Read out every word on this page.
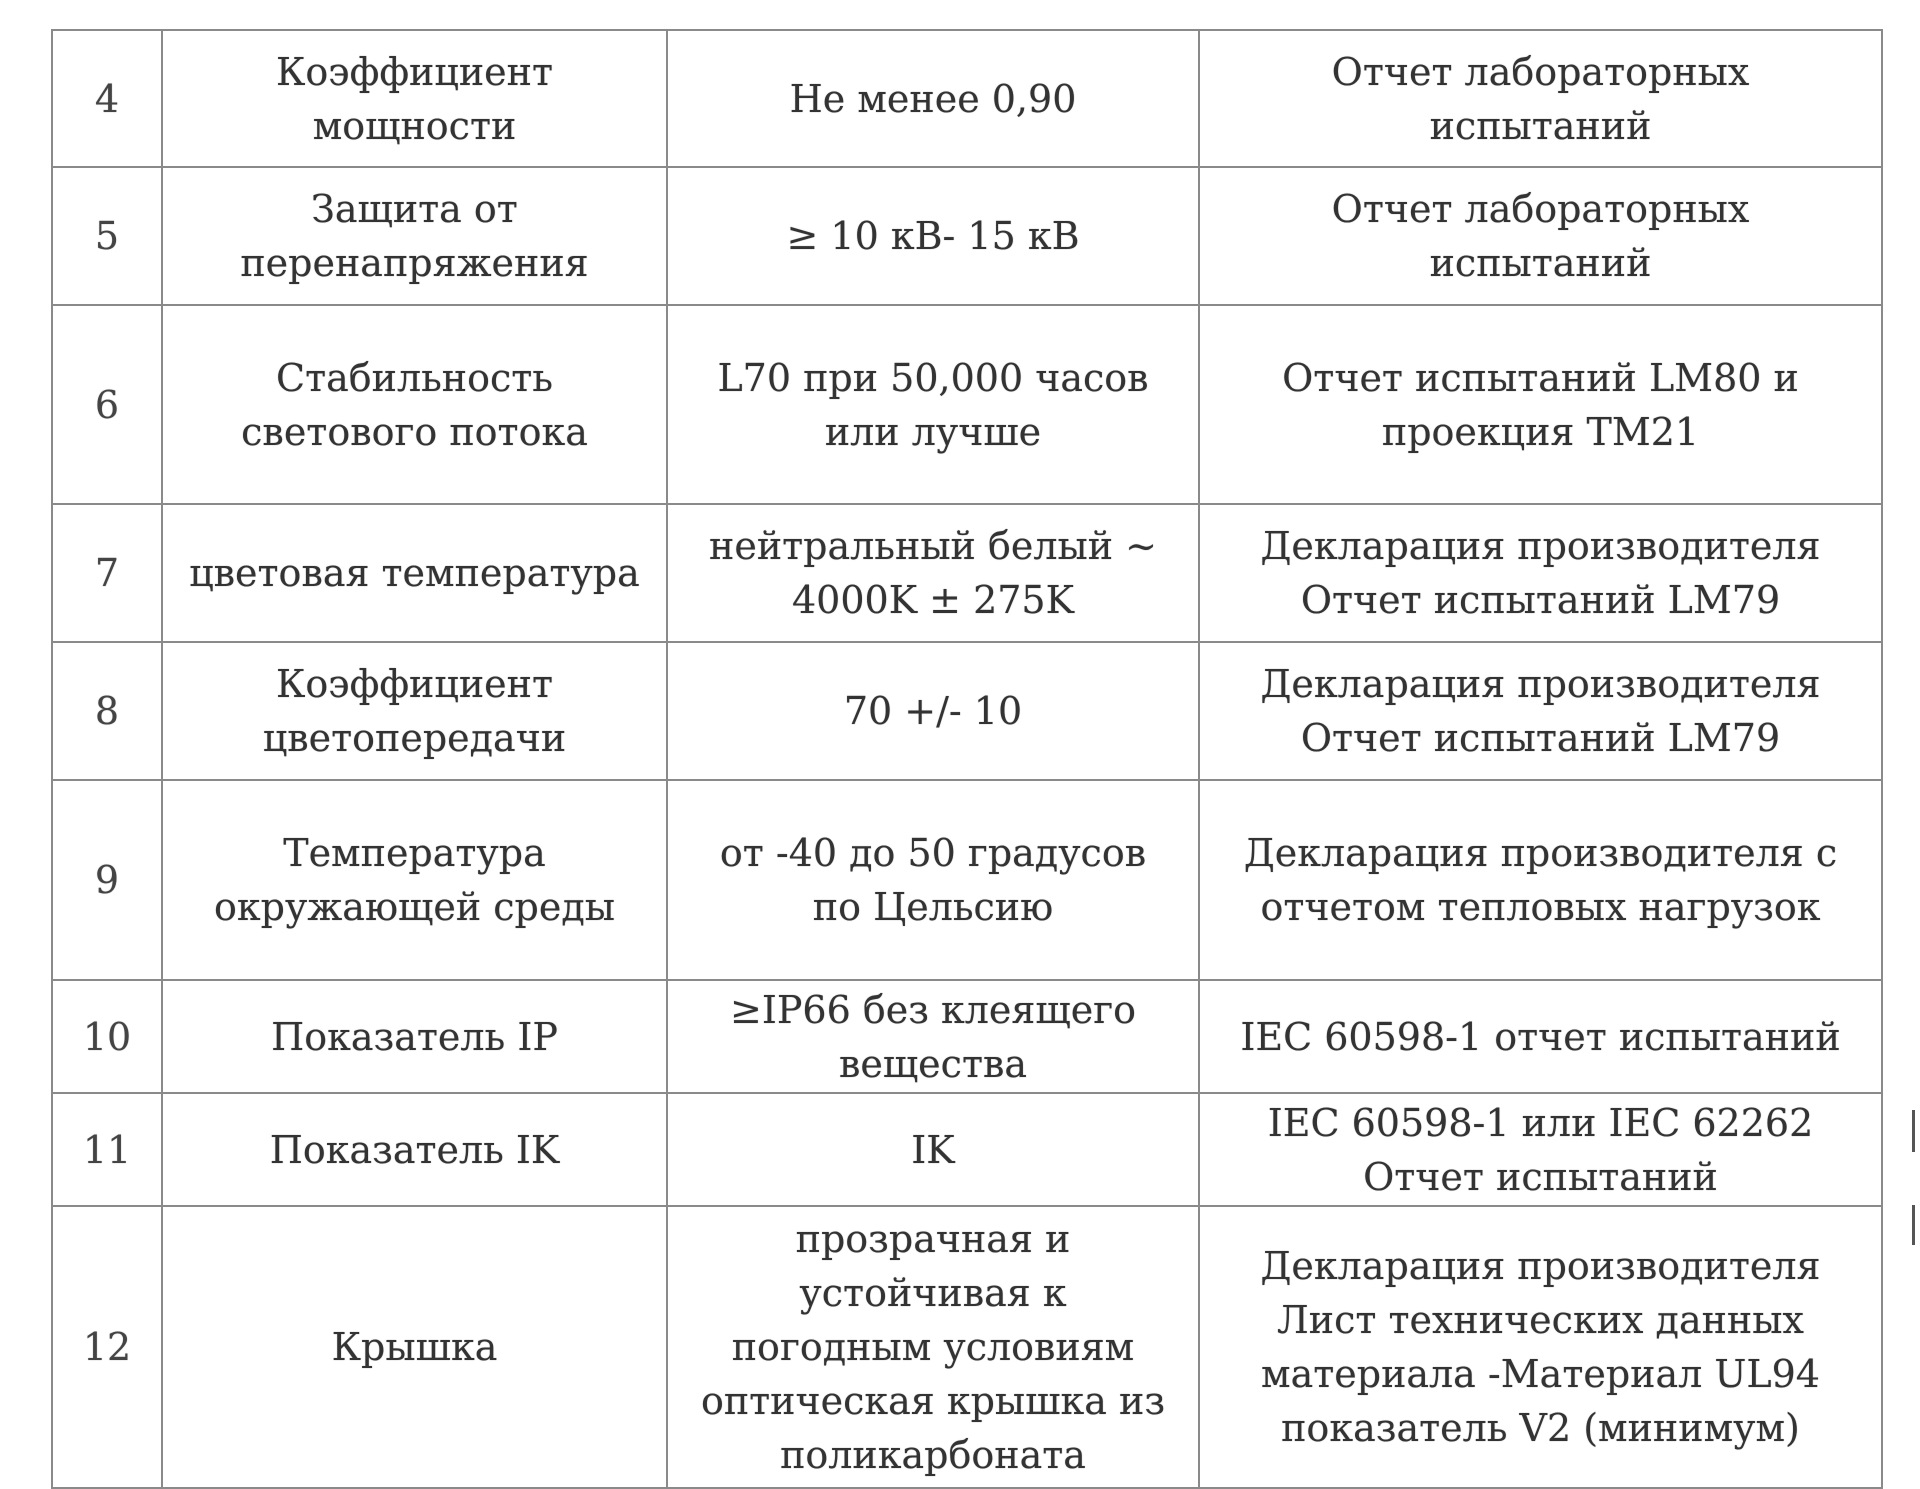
4	Коэффициент мощности	Не менее 0,90	Отчет лабораторных испытаний

5	Защита от перенапряжения	≥ 10 кВ- 15 кВ	Отчет лабораторных испытаний

6	Стабильность светового потока	L70 при 50,000 часов или лучше	Отчет испытаний LM80 и проекция TM21

7	цветовая температура	нейтральный белый ~ 4000K ± 275K	Декларация производителя Отчет испытаний LM79

8	Коэффициент цветопередачи	70 +/- 10	Декларация производителя Отчет испытаний LM79

9	Температура окружающей среды	от -40 до 50 градусов по Цельсию	Декларация производителя с отчетом тепловых нагрузок

10	Показатель IP	≥IP66 без клеящего вещества	IEC 60598-1 отчет испытаний

11	Показатель IK	IK	IEC 60598-1 или IEC 62262 Отчет испытаний

12	Крышка	прозрачная и устойчивая к погодным условиям оптическая крышка из поликарбоната	Декларация производителя Лист технических данных материала -Материал UL94 показатель V2 (минимум)
